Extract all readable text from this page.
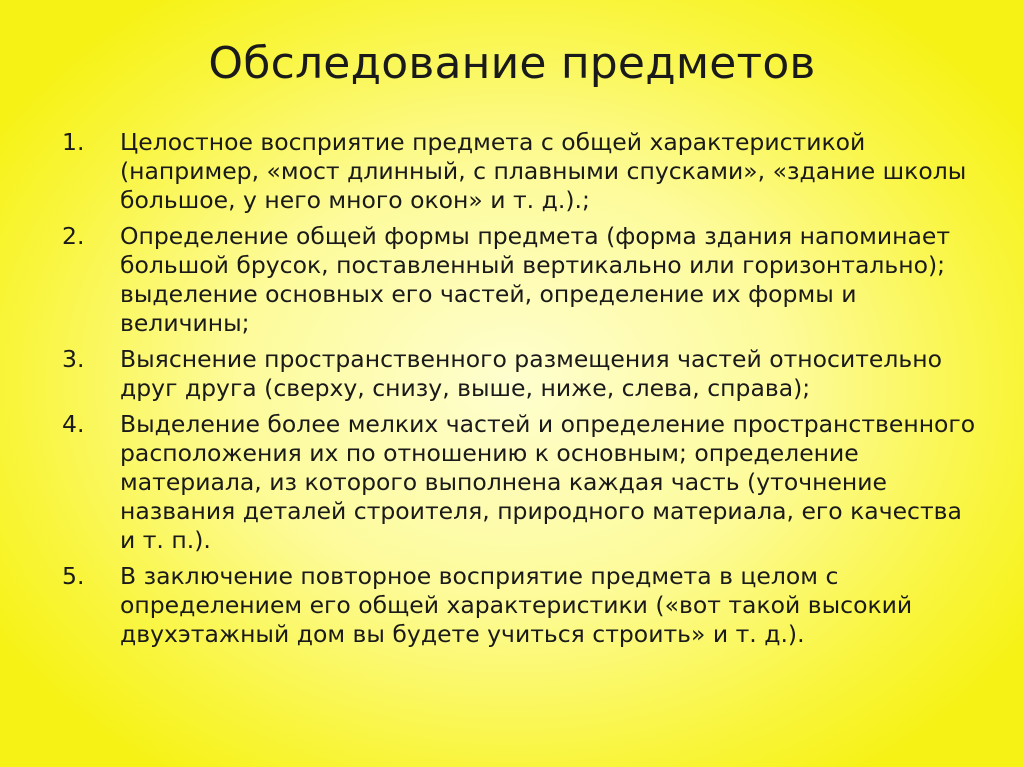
Обследование предметов
1.	Целостное восприятие предмета с общей характеристикой (например, «мост длинный, с плавными спусками», «здание школы большое, у него много окон» и т. д.).;
2.	Определение общей формы предмета (форма здания напоминает большой брусок, поставленный вертикально или горизонтально); выделение основных его частей, определение их формы и величины;
3.	Выяснение пространственного размещения частей относительно друг друга (сверху, снизу, выше, ниже, слева, справа);
4.	Выделение более мелких частей и определение пространственного расположения их по отношению к основным; определение материала, из которого выполнена каждая часть (уточнение названия деталей строителя, природного материала, его качества и т. п.).
5.	В заключение повторное восприятие предмета в целом с определением его общей характеристики («вот такой высокий двухэтажный дом вы будете учиться строить» и т. д.).
